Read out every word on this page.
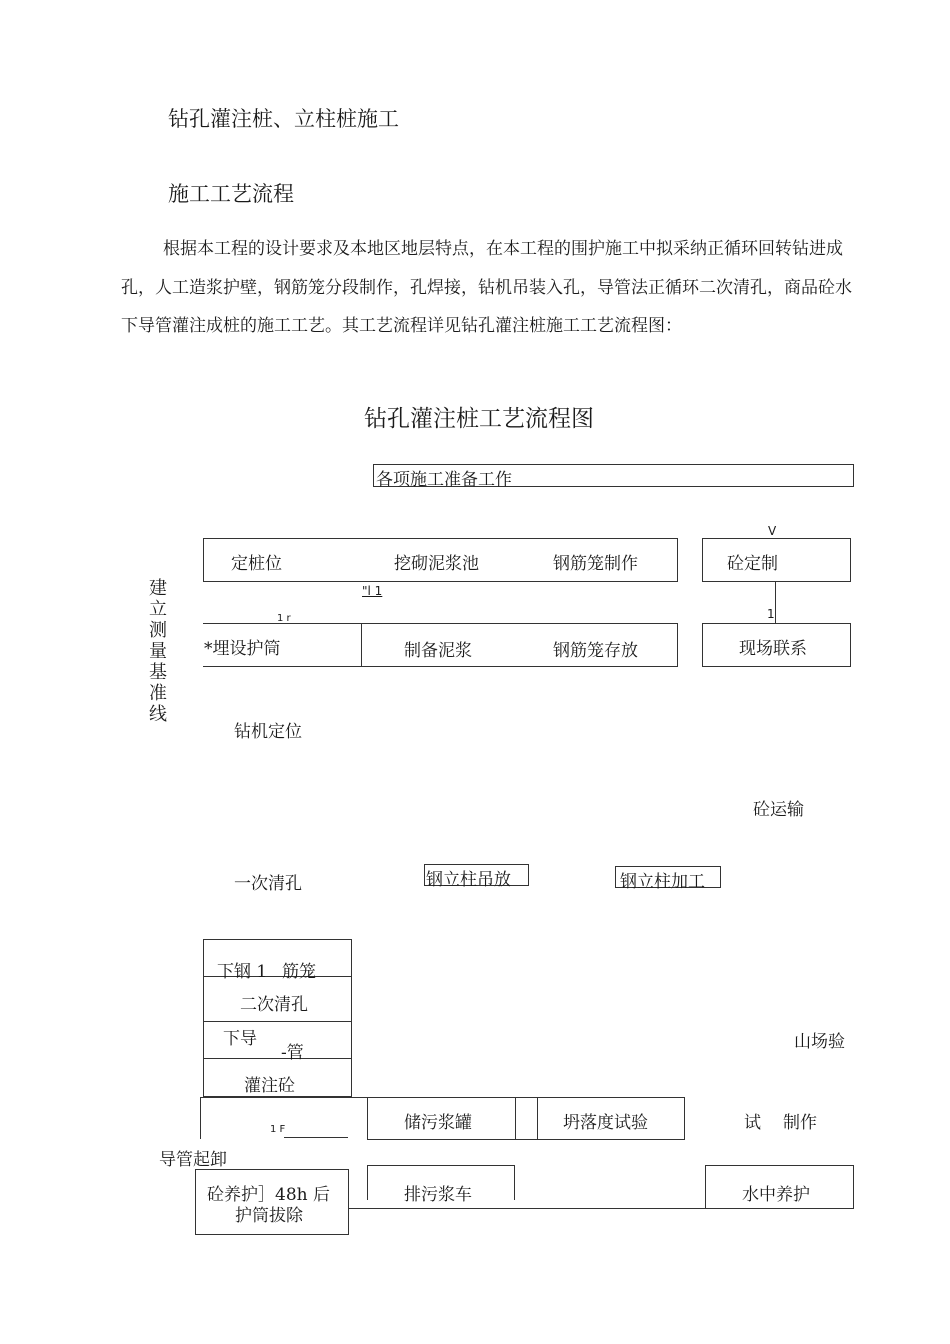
钻孔灌注桩、立柱桩施工
施工工艺流程
根据本工程的设计要求及本地区地层特点，在本工程的围护施工中拟采纳正循环回转钻进成孔，人工造浆护壁，钢筋笼分段制作，孔焊接，钻机吊装入孔，导管法正循环二次清孔，商品砼水下导管灌注成桩的施工工艺。其工艺流程详见钻孔灌注桩施工工艺流程图：
钻孔灌注桩工艺流程图
各项施工准备工作
V
定桩位	挖砌泥浆池	钢筋笼制作	砼定制
"l 1
1 r	1
*埋设护筒	制备泥浆	钢筋笼存放	现场联系
建立测量基准线
钻机定位
砼运输
一次清孔	钢立柱吊放	钢立柱加工
下钢 1 筋笼
二次清孔
下导
-管
灌注砼
山场验
1 F	储污浆罐	坍落度试验	试 制作
导管起卸
砼养护］48h 后
护筒拔除
排污浆车	水中养护
